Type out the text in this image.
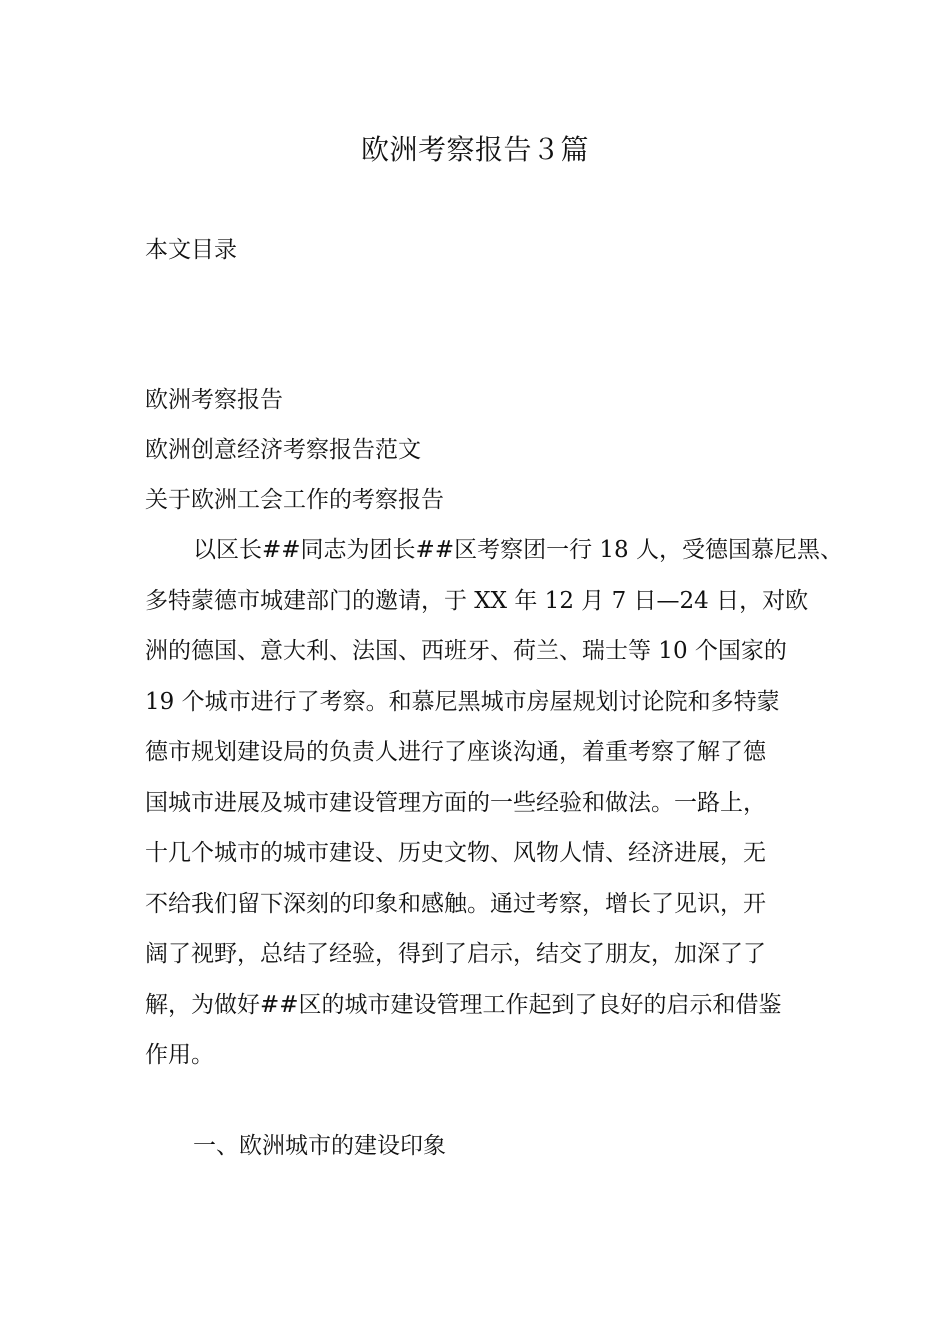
欧洲考察报告３篇
本文目录
欧洲考察报告
欧洲创意经济考察报告范文
关于欧洲工会工作的考察报告
以区长##同志为团长##区考察团一行 18 人，受德国慕尼黑、
多特蒙德市城建部门的邀请，于 XX 年 12 月 7 日—24 日，对欧
洲的德国、意大利、法国、西班牙、荷兰、瑞士等 10 个国家的
19 个城市进行了考察。和慕尼黑城市房屋规划讨论院和多特蒙
德市规划建设局的负责人进行了座谈沟通，着重考察了解了德
国城市进展及城市建设管理方面的一些经验和做法。一路上，
十几个城市的城市建设、历史文物、风物人情、经济进展，无
不给我们留下深刻的印象和感触。通过考察，增长了见识，开
阔了视野，总结了经验，得到了启示，结交了朋友，加深了了
解，为做好##区的城市建设管理工作起到了良好的启示和借鉴
作用。
一、欧洲城市的建设印象
